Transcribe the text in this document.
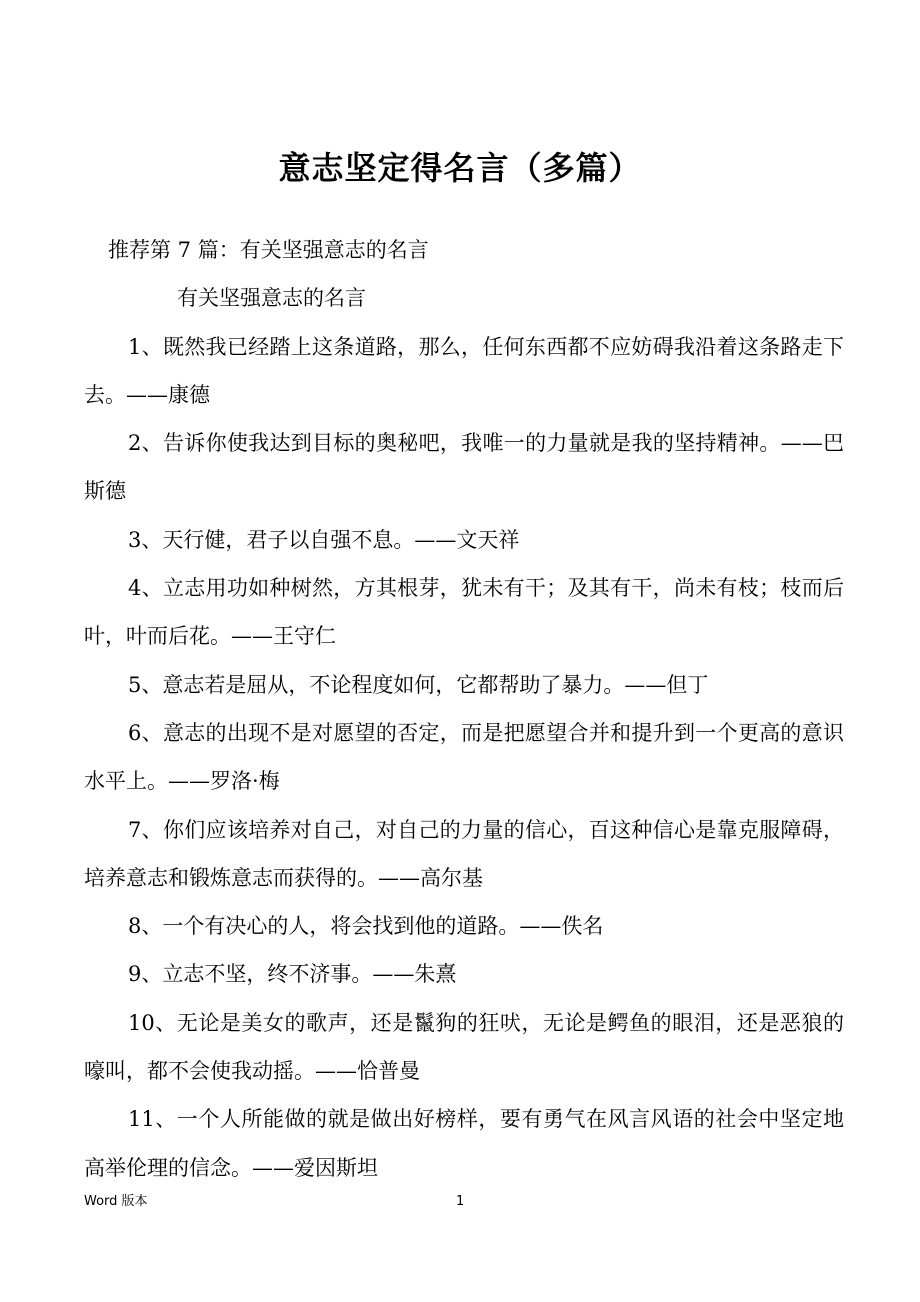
意志坚定得名言（多篇）

推荐第 7 篇：有关坚强意志的名言

有关坚强意志的名言

1、既然我已经踏上这条道路，那么，任何东西都不应妨碍我沿着这条路走下去。——康德

2、告诉你使我达到目标的奥秘吧，我唯一的力量就是我的坚持精神。——巴斯德

3、天行健，君子以自强不息。——文天祥

4、立志用功如种树然，方其根芽，犹未有干；及其有干，尚未有枝；枝而后叶，叶而后花。——王守仁

5、意志若是屈从，不论程度如何，它都帮助了暴力。——但丁

6、意志的出现不是对愿望的否定，而是把愿望合并和提升到一个更高的意识水平上。——罗洛·梅

7、你们应该培养对自己，对自己的力量的信心，百这种信心是靠克服障碍，培养意志和锻炼意志而获得的。——高尔基

8、一个有决心的人，将会找到他的道路。——佚名

9、立志不坚，终不济事。——朱熹

10、无论是美女的歌声，还是鬣狗的狂吠，无论是鳄鱼的眼泪，还是恶狼的嚎叫，都不会使我动摇。——恰普曼

11、一个人所能做的就是做出好榜样，要有勇气在风言风语的社会中坚定地高举伦理的信念。——爱因斯坦

Word 版本	1
